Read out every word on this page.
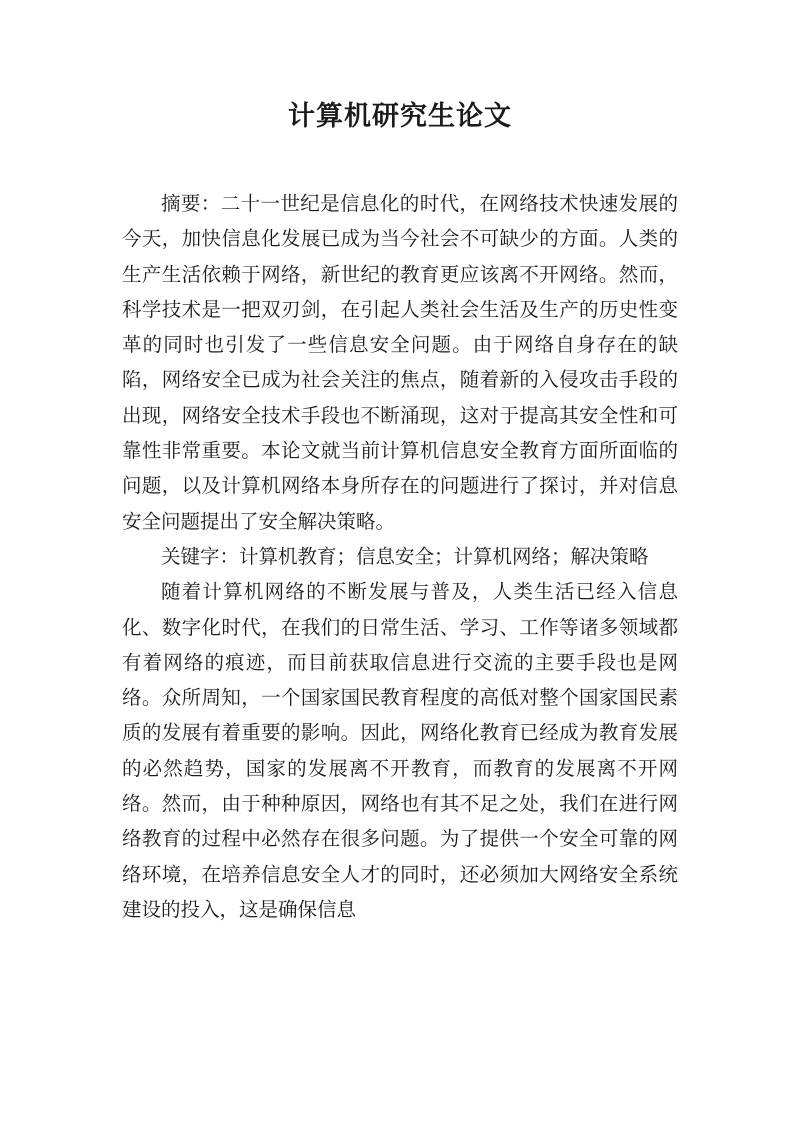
计算机研究生论文

摘要：二十一世纪是信息化的时代，在网络技术快速发展的今天，加快信息化发展已成为当今社会不可缺少的方面。人类的生产生活依赖于网络，新世纪的教育更应该离不开网络。然而，科学技术是一把双刃剑，在引起人类社会生活及生产的历史性变革的同时也引发了一些信息安全问题。由于网络自身存在的缺陷，网络安全已成为社会关注的焦点，随着新的入侵攻击手段的出现，网络安全技术手段也不断涌现，这对于提高其安全性和可靠性非常重要。本论文就当前计算机信息安全教育方面所面临的问题，以及计算机网络本身所存在的问题进行了探讨，并对信息安全问题提出了安全解决策略。

关键字：计算机教育；信息安全；计算机网络；解决策略

随着计算机网络的不断发展与普及，人类生活已经入信息化、数字化时代，在我们的日常生活、学习、工作等诸多领域都有着网络的痕迹，而目前获取信息进行交流的主要手段也是网络。众所周知，一个国家国民教育程度的高低对整个国家国民素质的发展有着重要的影响。因此，网络化教育已经成为教育发展的必然趋势，国家的发展离不开教育，而教育的发展离不开网络。然而，由于种种原因，网络也有其不足之处，我们在进行网络教育的过程中必然存在很多问题。为了提供一个安全可靠的网络环境，在培养信息安全人才的同时，还必须加大网络安全系统建设的投入，这是确保信息
